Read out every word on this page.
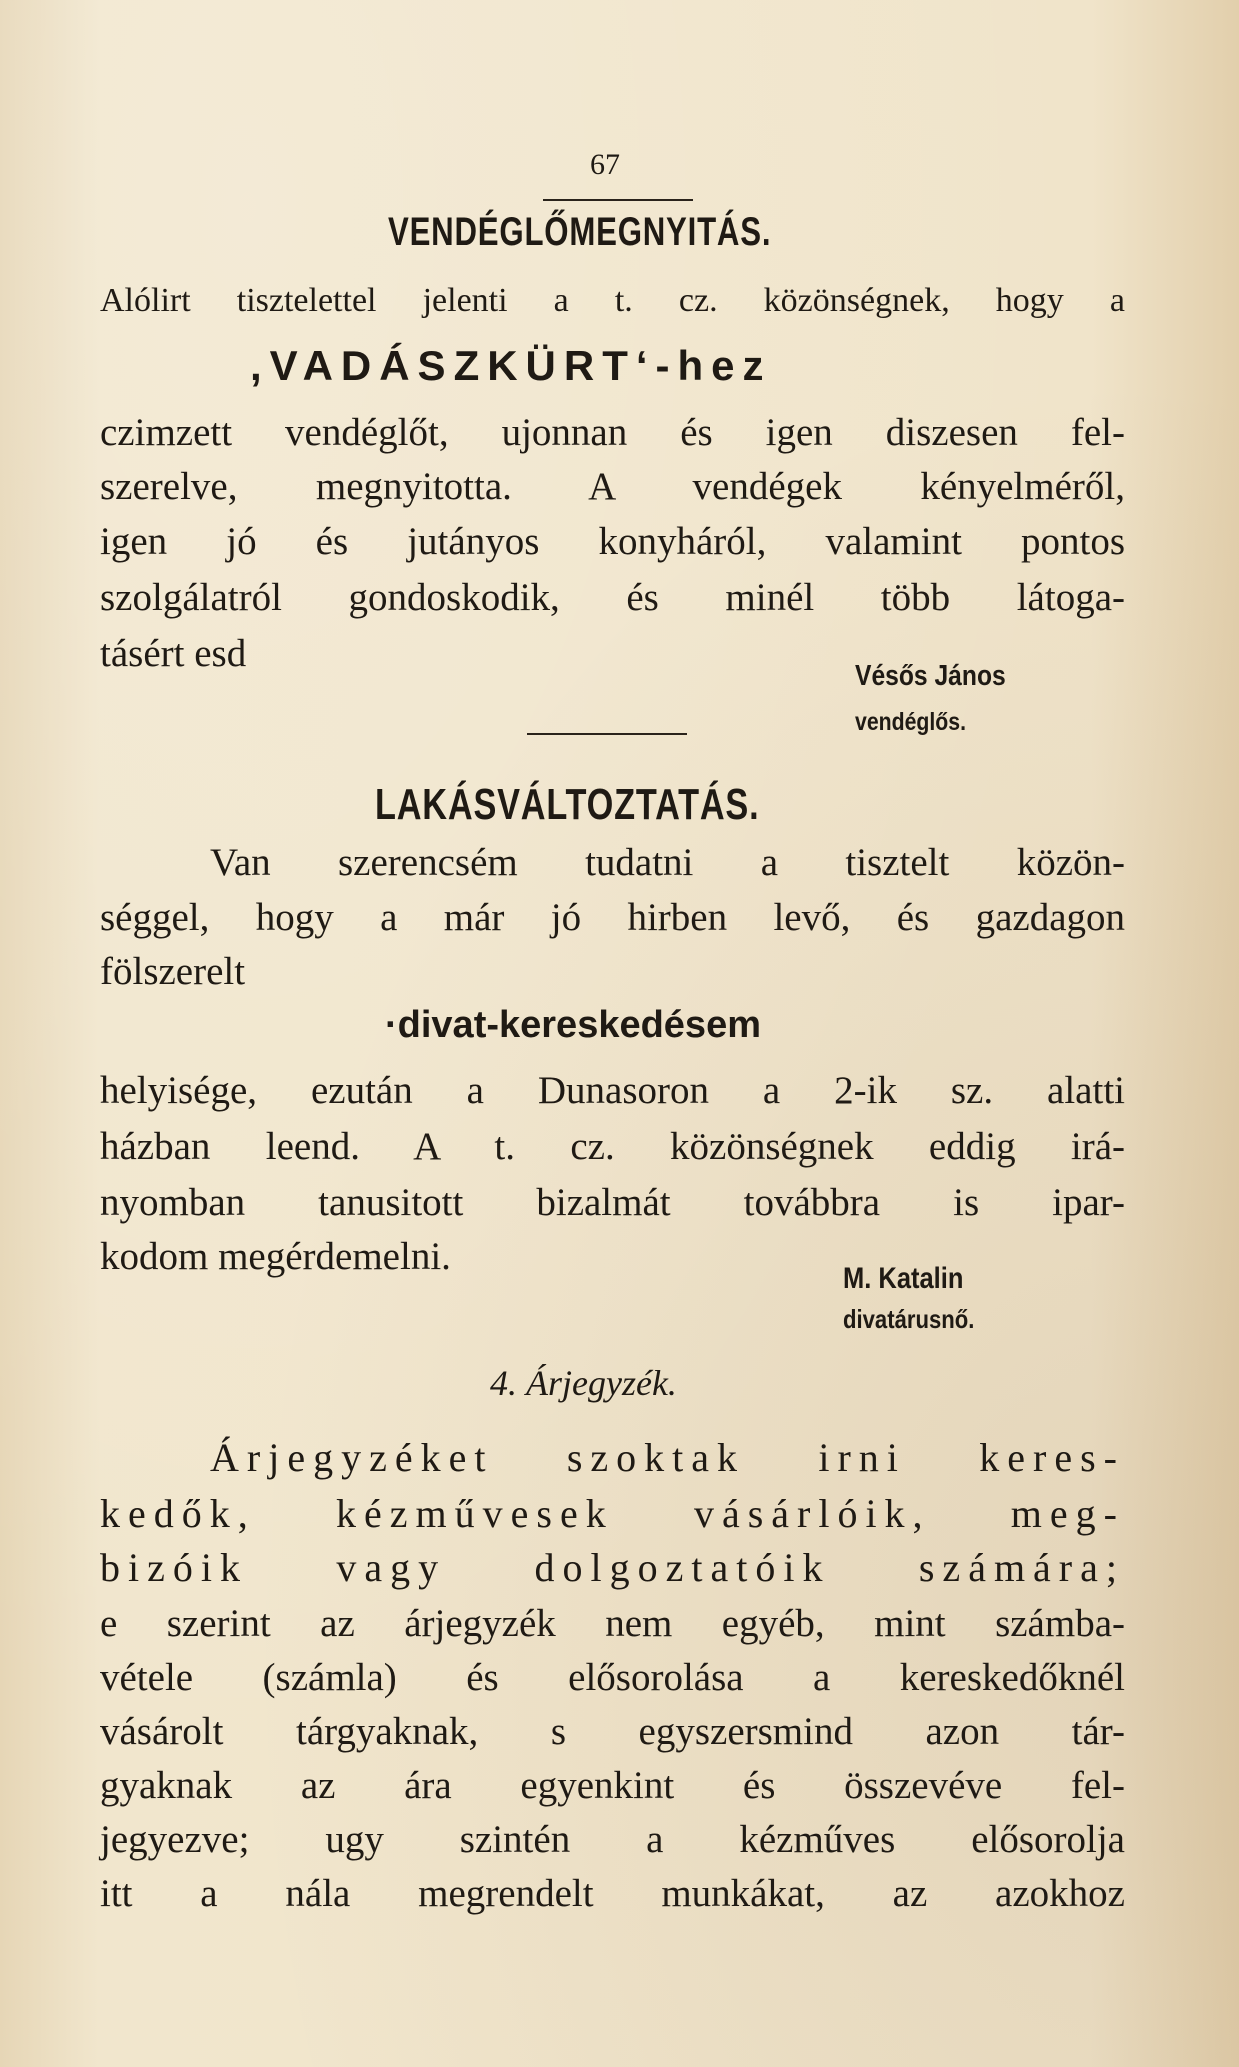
67
VENDÉGLŐMEGNYITÁS.
Alólirt tisztelettel jelenti a t. cz. közönségnek, hogy a
,VADÁSZKÜRT‘-hez
czimzett vendéglőt, ujonnan és igen diszesen fel-
szerelve, megnyitotta. A vendégek kényelméről,
igen jó és jutányos konyháról, valamint pontos
szolgálatról gondoskodik, és minél több látoga-
tásért esd
Vésős János
vendéglős.
LAKÁSVÁLTOZTATÁS.
Van szerencsém tudatni a tisztelt közön-
séggel, hogy a már jó hirben levő, és gazdagon
fölszerelt
·divat-kereskedésem
helyisége, ezután a Dunasoron a 2-ik sz. alatti
házban leend. A t. cz. közönségnek eddig irá-
nyomban tanusitott bizalmát továbbra is ipar-
kodom megérdemelni.
M. Katalin
divatárusnő.
4. Árjegyzék.
Árjegyzéket szoktak irni keres-
kedők, kézművesek vásárlóik, meg-
bizóik vagy dolgoztatóik számára;
e szerint az árjegyzék nem egyéb, mint számba-
vétele (számla) és elősorolása a kereskedőknél
vásárolt tárgyaknak, s egyszersmind azon tár-
gyaknak az ára egyenkint és összevéve fel-
jegyezve; ugy szintén a kézműves elősorolja
itt a nála megrendelt munkákat, az azokhoz
